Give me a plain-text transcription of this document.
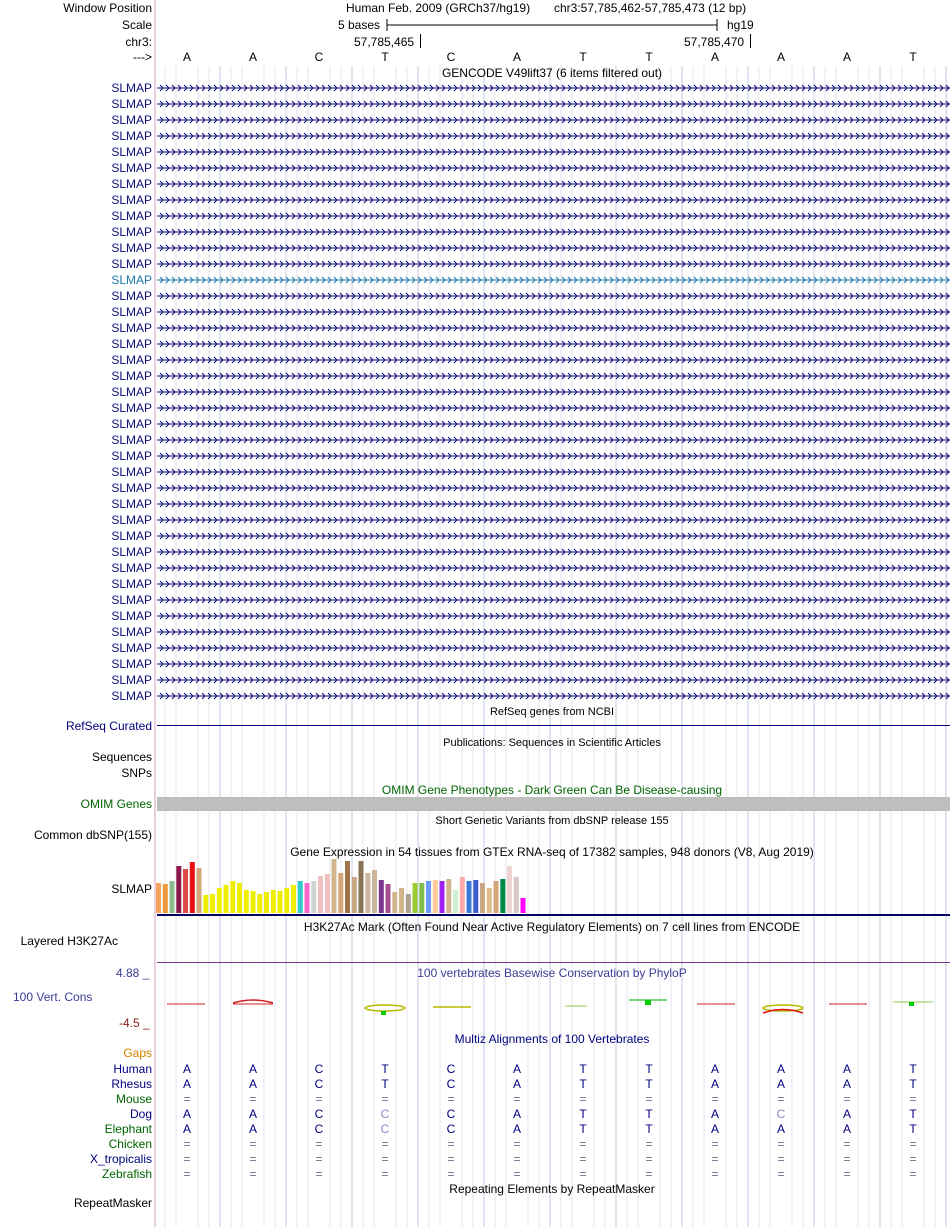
Window Position	Human Feb. 2009 (GRCh37/hg19) chr3:57,785,462-57,785,473 (12 bp)
Scale	5 bases	hg19
chr3:	57,785,465	57,785,470
--->	A	A	C	T	C	A	T	T	A	A	A	T
GENCODE V49lift37 (6 items filtered out)
SLMAP
SLMAP
SLMAP
SLMAP
SLMAP
SLMAP
SLMAP
SLMAP
SLMAP
SLMAP
SLMAP
SLMAP
SLMAP
SLMAP
SLMAP
SLMAP
SLMAP
SLMAP
SLMAP
SLMAP
SLMAP
SLMAP
SLMAP
SLMAP
SLMAP
SLMAP
SLMAP
SLMAP
SLMAP
SLMAP
SLMAP
SLMAP
SLMAP
SLMAP
SLMAP
SLMAP
SLMAP
SLMAP
SLMAP
RefSeq genes from NCBI
RefSeq Curated
Publications: Sequences in Scientific Articles
Sequences
SNPs
OMIM Gene Phenotypes - Dark Green Can Be Disease-causing
OMIM Genes
Short Genetic Variants from dbSNP release 155
Common dbSNP(155)
Gene Expression in 54 tissues from GTEx RNA-seq of 17382 samples, 948 donors (V8, Aug 2019)
SLMAP
H3K27Ac Mark (Often Found Near Active Regulatory Elements) on 7 cell lines from ENCODE
Layered H3K27Ac
100 vertebrates Basewise Conservation by PhyloP
4.88 _
100 Vert. Cons
-4.5 _
Multiz Alignments of 100 Vertebrates
Gaps
Human	A	A	C	T	C	A	T	T	A	A	A	T
Rhesus	A	A	C	T	C	A	T	T	A	A	A	T
Mouse	=	=	=	=	=	=	=	=	=	=	=	=
Dog	A	A	C	C	C	A	T	T	A	C	A	T
Elephant	A	A	C	C	C	A	T	T	A	A	A	T
Chicken	=	=	=	=	=	=	=	=	=	=	=	=
X_tropicalis	=	=	=	=	=	=	=	=	=	=	=	=
Zebrafish	=	=	=	=	=	=	=	=	=	=	=	=
Repeating Elements by RepeatMasker
RepeatMasker
